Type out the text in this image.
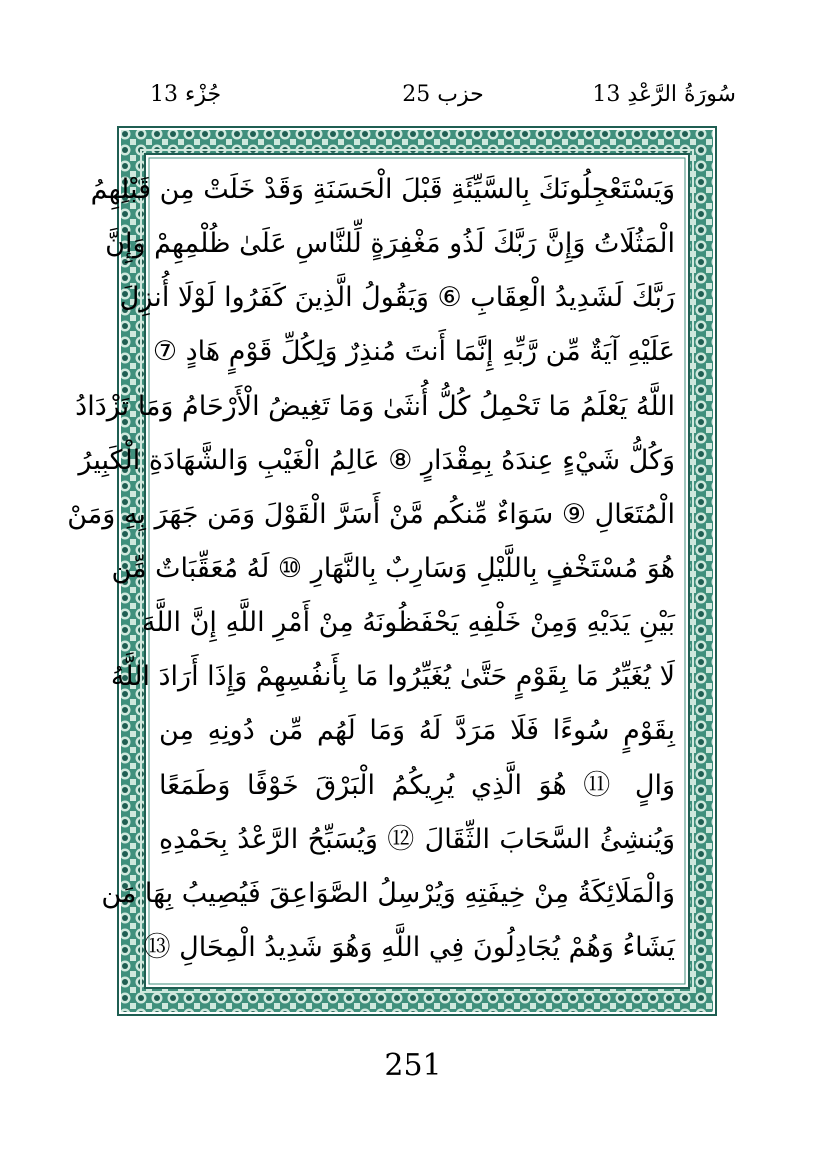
سُورَةُ الرَّعْدِ 13
حزب 25
جُزْء 13
وَيَسْتَعْجِلُونَكَ بِالسَّيِّئَةِ قَبْلَ الْحَسَنَةِ وَقَدْ خَلَتْ مِن قَبْلِهِمُ
الْمَثُلَاتُ وَإِنَّ رَبَّكَ لَذُو مَغْفِرَةٍ لِّلنَّاسِ عَلَىٰ ظُلْمِهِمْ وَإِنَّ
رَبَّكَ لَشَدِيدُ الْعِقَابِ ⑥ وَيَقُولُ الَّذِينَ كَفَرُوا لَوْلَا أُنزِلَ
عَلَيْهِ آيَةٌ مِّن رَّبِّهِ إِنَّمَا أَنتَ مُنذِرٌ وَلِكُلِّ قَوْمٍ هَادٍ ⑦
اللَّهُ يَعْلَمُ مَا تَحْمِلُ كُلُّ أُنثَىٰ وَمَا تَغِيضُ الْأَرْحَامُ وَمَا تَزْدَادُ
وَكُلُّ شَيْءٍ عِندَهُ بِمِقْدَارٍ ⑧ عَالِمُ الْغَيْبِ وَالشَّهَادَةِ الْكَبِيرُ
الْمُتَعَالِ ⑨ سَوَاءٌ مِّنكُم مَّنْ أَسَرَّ الْقَوْلَ وَمَن جَهَرَ بِهِ وَمَنْ
هُوَ مُسْتَخْفٍ بِاللَّيْلِ وَسَارِبٌ بِالنَّهَارِ ⑩ لَهُ مُعَقِّبَاتٌ مِّن
بَيْنِ يَدَيْهِ وَمِنْ خَلْفِهِ يَحْفَظُونَهُ مِنْ أَمْرِ اللَّهِ إِنَّ اللَّهَ
لَا يُغَيِّرُ مَا بِقَوْمٍ حَتَّىٰ يُغَيِّرُوا مَا بِأَنفُسِهِمْ وَإِذَا أَرَادَ اللَّهُ
بِقَوْمٍ سُوءًا فَلَا مَرَدَّ لَهُ وَمَا لَهُم مِّن دُونِهِ مِن
وَالٍ ⑪ هُوَ الَّذِي يُرِيكُمُ الْبَرْقَ خَوْفًا وَطَمَعًا
وَيُنشِئُ السَّحَابَ الثِّقَالَ ⑫ وَيُسَبِّحُ الرَّعْدُ بِحَمْدِهِ
وَالْمَلَائِكَةُ مِنْ خِيفَتِهِ وَيُرْسِلُ الصَّوَاعِقَ فَيُصِيبُ بِهَا مَن
يَشَاءُ وَهُمْ يُجَادِلُونَ فِي اللَّهِ وَهُوَ شَدِيدُ الْمِحَالِ ⑬
251
